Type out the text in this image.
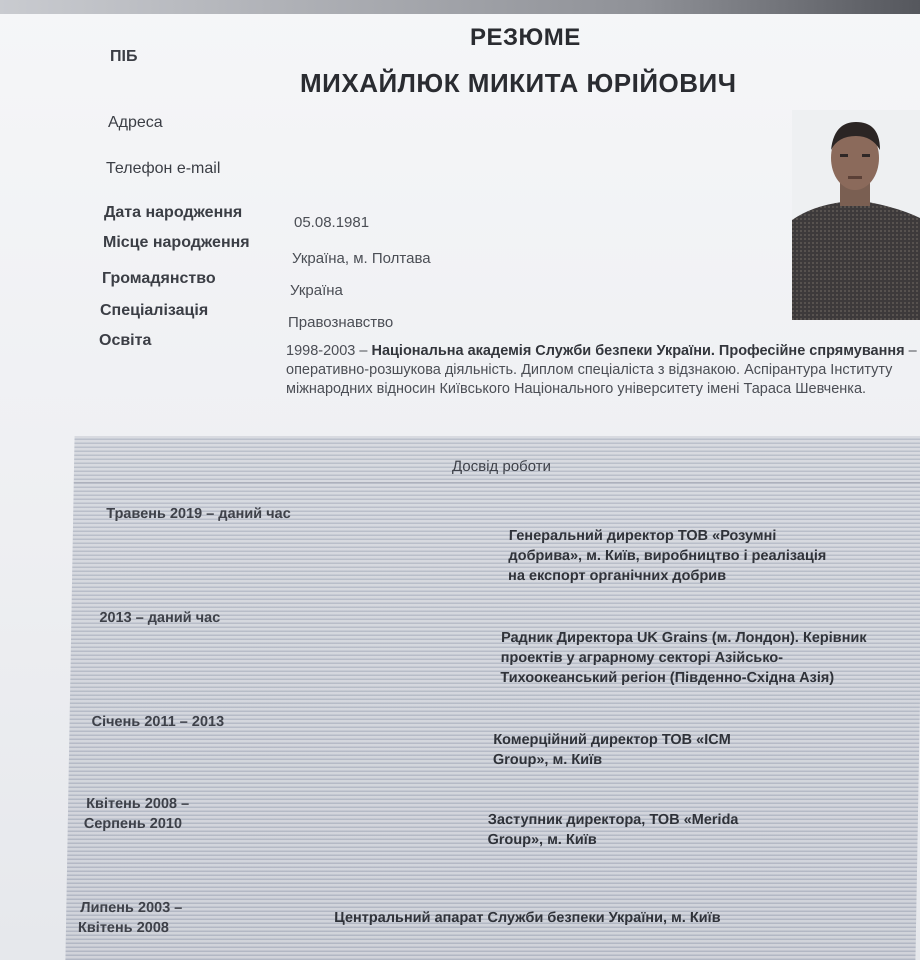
РЕЗЮМЕ
ПІБ
МИХАЙЛЮК МИКИТА ЮРІЙОВИЧ
Адреса
Телефон e-mail
Дата народження
05.08.1981
Місце народження
Україна, м. Полтава
Громадянство
Україна
Спеціалізація
Правознавство
Освіта
1998-2003 – Національна академія Служби безпеки України. Професійне спрямування – оперативно-розшукова діяльність. Диплом спеціаліста з відзнакою. Аспірантура Інституту міжнародних відносин Київського Національного університету імені Тараса Шевченка.
Досвід роботи
Травень 2019 – даний час
Генеральний директор ТОВ «Розумні добрива», м. Київ, виробництво і реалізація на експорт органічних добрив
2013 – даний час
Радник Директора UK Grains (м. Лондон). Керівник проектів у аграрному секторі Азійсько-Тихоокеанський регіон (Південно-Східна Азія)
Січень 2011 – 2013
Комерційний директор ТОВ «ICM Group», м. Київ
Квітень 2008 –
Серпень 2010	Заступник директора, ТОВ «Merida Group», м. Київ
Липень 2003 –
Квітень 2008
Центральний апарат Служби безпеки України, м. Київ
